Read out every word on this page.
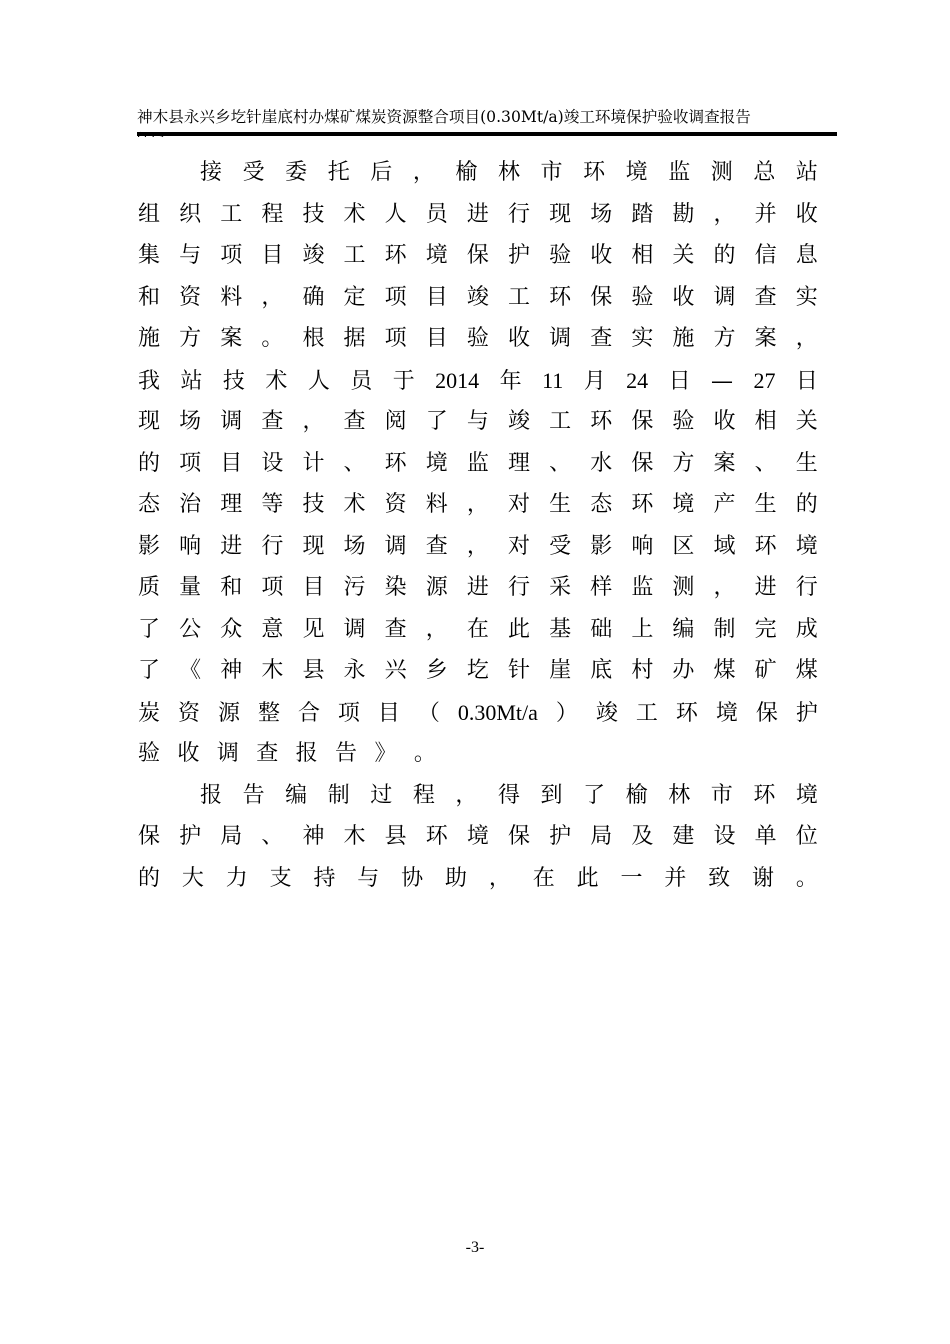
神木县永兴乡圪针崖底村办煤矿煤炭资源整合项目(0.30Mt/a)竣工环境保护验收调查报告
接 受 委 托 后 ， 榆 林 市 环 境 监 测 总 站
组 织 工 程 技 术 人 员 进 行 现 场 踏 勘 ， 并 收
集 与 项 目 竣 工 环 境 保 护 验 收 相 关 的 信 息
和 资 料 ， 确 定 项 目 竣 工 环 保 验 收 调 查 实
施 方 案 。 根 据 项 目 验 收 调 查 实 施 方 案 ，
我 站 技 术 人 员 于 2014 年 11 月 24 日 — 27 日
现 场 调 查 ， 查 阅 了 与 竣 工 环 保 验 收 相 关
的 项 目 设 计 、 环 境 监 理 、 水 保 方 案 、 生
态 治 理 等 技 术 资 料 ， 对 生 态 环 境 产 生 的
影 响 进 行 现 场 调 查 ， 对 受 影 响 区 域 环 境
质 量 和 项 目 污 染 源 进 行 采 样 监 测 ， 进 行
了 公 众 意 见 调 查 ， 在 此 基 础 上 编 制 完 成
了 《 神 木 县 永 兴 乡 圪 针 崖 底 村 办 煤 矿 煤
炭 资 源 整 合 项 目 （ 0.30Mt/a ） 竣 工 环 境 保 护
验 收 调 查 报 告 》 。
报 告 编 制 过 程 ， 得 到 了 榆 林 市 环 境
保 护 局 、 神 木 县 环 境 保 护 局 及 建 设 单 位
的 大 力 支 持 与 协 助 ， 在 此 一 并 致 谢 。
-3-
